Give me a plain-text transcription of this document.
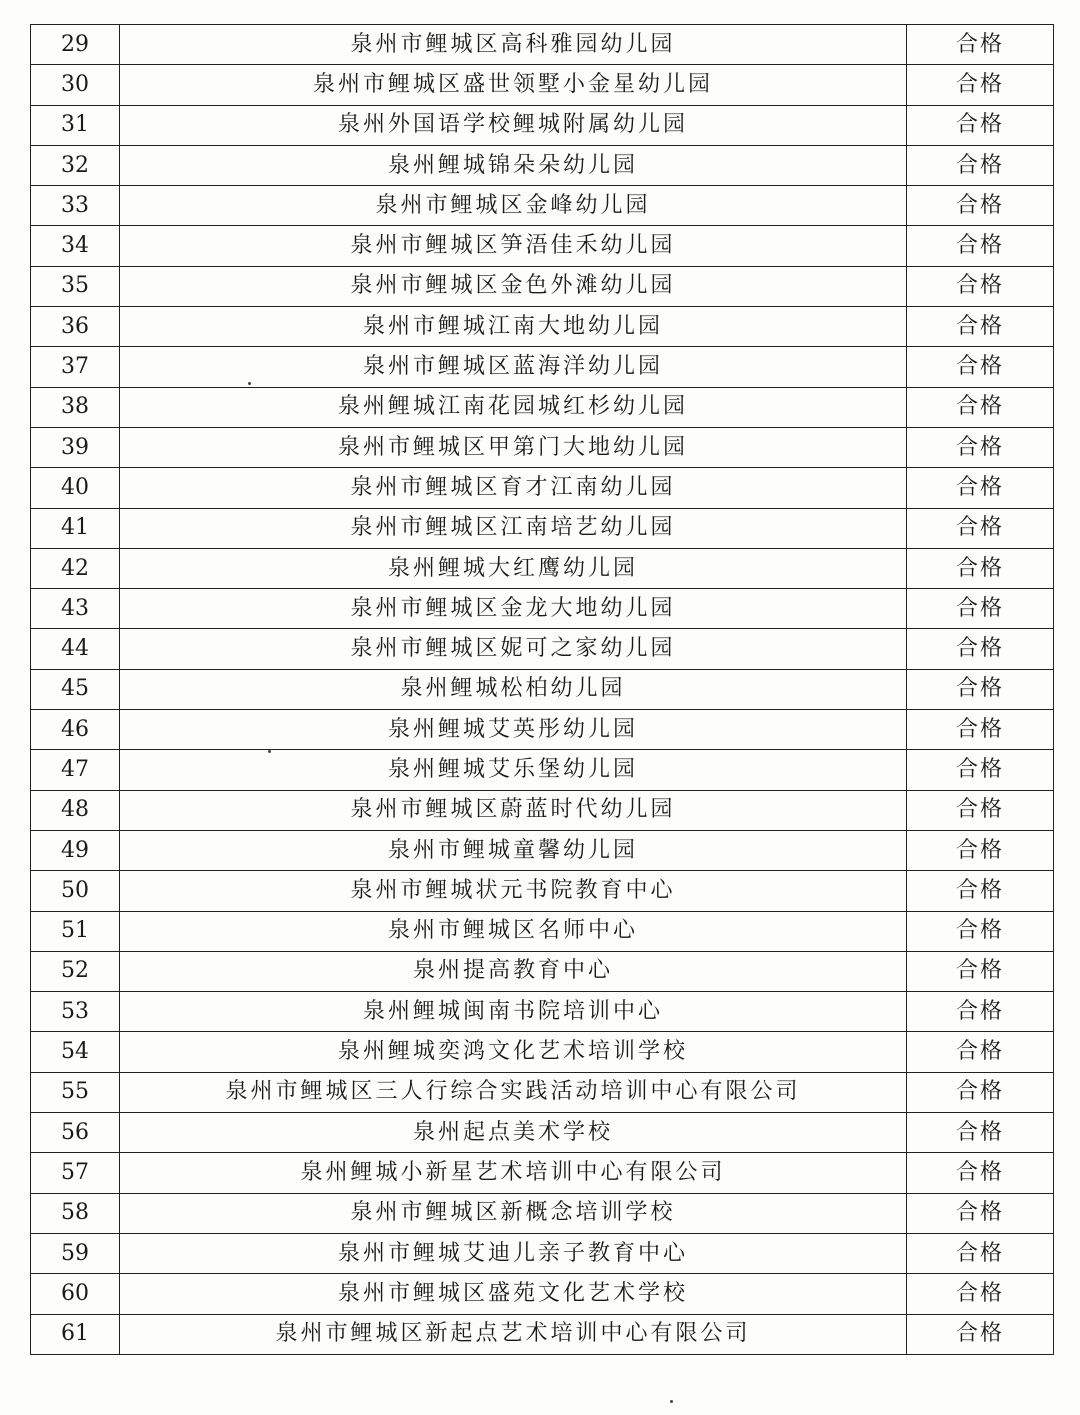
29	泉州市鲤城区高科雅园幼儿园	合格
30	泉州市鲤城区盛世领墅小金星幼儿园	合格
31	泉州外国语学校鲤城附属幼儿园	合格
32	泉州鲤城锦朵朵幼儿园	合格
33	泉州市鲤城区金峰幼儿园	合格
34	泉州市鲤城区笋浯佳禾幼儿园	合格
35	泉州市鲤城区金色外滩幼儿园	合格
36	泉州市鲤城江南大地幼儿园	合格
37	泉州市鲤城区蓝海洋幼儿园	合格
38	泉州鲤城江南花园城红杉幼儿园	合格
39	泉州市鲤城区甲第门大地幼儿园	合格
40	泉州市鲤城区育才江南幼儿园	合格
41	泉州市鲤城区江南培艺幼儿园	合格
42	泉州鲤城大红鹰幼儿园	合格
43	泉州市鲤城区金龙大地幼儿园	合格
44	泉州市鲤城区妮可之家幼儿园	合格
45	泉州鲤城松柏幼儿园	合格
46	泉州鲤城艾英彤幼儿园	合格
47	泉州鲤城艾乐堡幼儿园	合格
48	泉州市鲤城区蔚蓝时代幼儿园	合格
49	泉州市鲤城童馨幼儿园	合格
50	泉州市鲤城状元书院教育中心	合格
51	泉州市鲤城区名师中心	合格
52	泉州提高教育中心	合格
53	泉州鲤城闽南书院培训中心	合格
54	泉州鲤城奕鸿文化艺术培训学校	合格
55	泉州市鲤城区三人行综合实践活动培训中心有限公司	合格
56	泉州起点美术学校	合格
57	泉州鲤城小新星艺术培训中心有限公司	合格
58	泉州市鲤城区新概念培训学校	合格
59	泉州市鲤城艾迪儿亲子教育中心	合格
60	泉州市鲤城区盛苑文化艺术学校	合格
61	泉州市鲤城区新起点艺术培训中心有限公司	合格
